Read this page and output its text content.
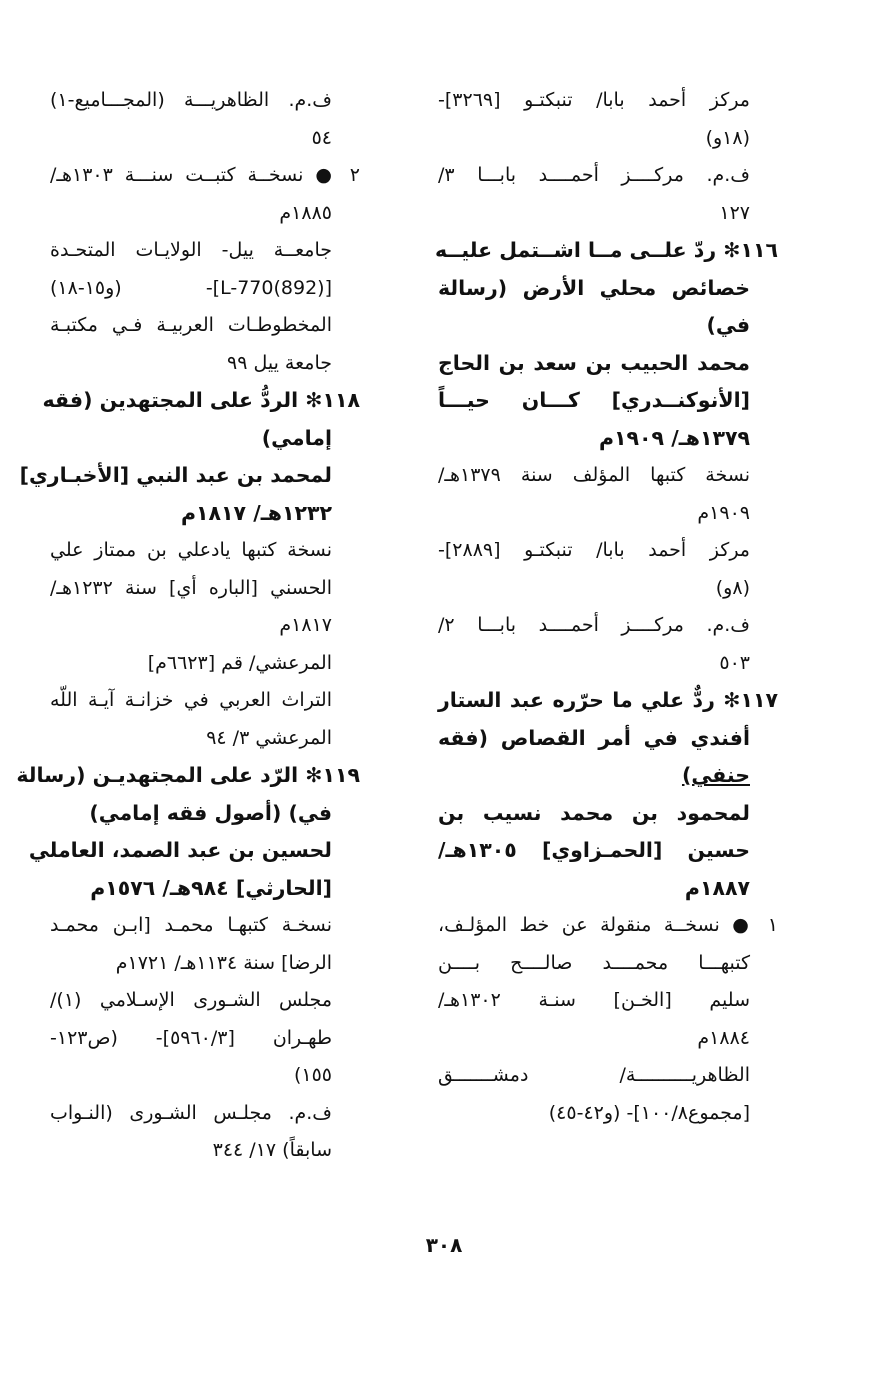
مركز أحمد بابا/ تنبكتـو [٣٢٦٩]-
(١٨و)
ف.م. مركــــز أحمــــد بابـــا ٣/
١٢٧
١١٦✻ ردّ علــى مــا اشــتمل عليــه
خصائص محلي الأرض (رسالة
في)
محمد الحبيب بن سعد بن الحاج
[الأنوكنــدري] كـــان حيـــاً
١٣٧٩هـ/ ١٩٠٩م
نسخة كتبها المؤلف سنة ١٣٧٩هـ/
١٩٠٩م
مركز أحمد بابا/ تنبكتـو [٢٨٨٩]-
(٨و)
ف.م. مركــــز أحمــــد بابـــا ٢/
٥٠٣
١١٧✻ ردٌّ علي ما حرّره عبد الستار
أفندي في أمر القصاص (فقه
حنفي)
لمحمود بن محمد نسيب بن
حسين [الحمـزاوي] ١٣٠٥هـ/
١٨٨٧م
١ ● نسخــة منقولة عن خط المؤلـف،
كتبهـــا محمــــد صالــــح بــــن
سليم [الخـن] سنـة ١٣٠٢هـ/
١٨٨٤م
الظاهريــــــــــة/ دمشـــــــق
[مجموع١٠٠/٨]- (و٤٢-٤٥)
ف.م. الظاهريـــة (المجـــاميع-١)
٥٤
٢ ● نسخــة كتبــت سنـــة ١٣٠٣هـ/
١٨٨٥م
جامعــة ييل- الولايـات المتحـدة
[L-770(892)]- (و١٥-١٨)
المخطوطـات العربيـة فـي مكتبـة
جامعة ييل ٩٩
١١٨✻ الردُّ على المجتهدين (فقه
إمامي)
لمحمد بن عبد النبي [الأخبـاري]
١٢٣٢هـ/ ١٨١٧م
نسخة كتبها يادعلي بن ممتاز علي
الحسني [الباره أي] سنة ١٢٣٢هـ/
١٨١٧م
المرعشي/ قم [٦٦٢٣م]
التراث العربي في خزانـة آيـة اللّه
المرعشي ٣/ ٩٤
١١٩✻ الرّد على المجتهديـن (رسالة
في) (أصول فقه إمامي)
لحسين بن عبد الصمد، العاملي
[الحارثي] ٩٨٤هـ/ ١٥٧٦م
نسخـة كتبهـا محمـد [ابـن محمـد
الرضا] سنة ١١٣٤هـ/ ١٧٢١م
مجلس الشـورى الإسـلامي (١)/
طهـران [٥٩٦٠/٣]- (ص١٢٣-
١٥٥)
ف.م. مجلـس الشـورى (النـواب
سابقاً) ١٧/ ٣٤٤
٣٠٨
